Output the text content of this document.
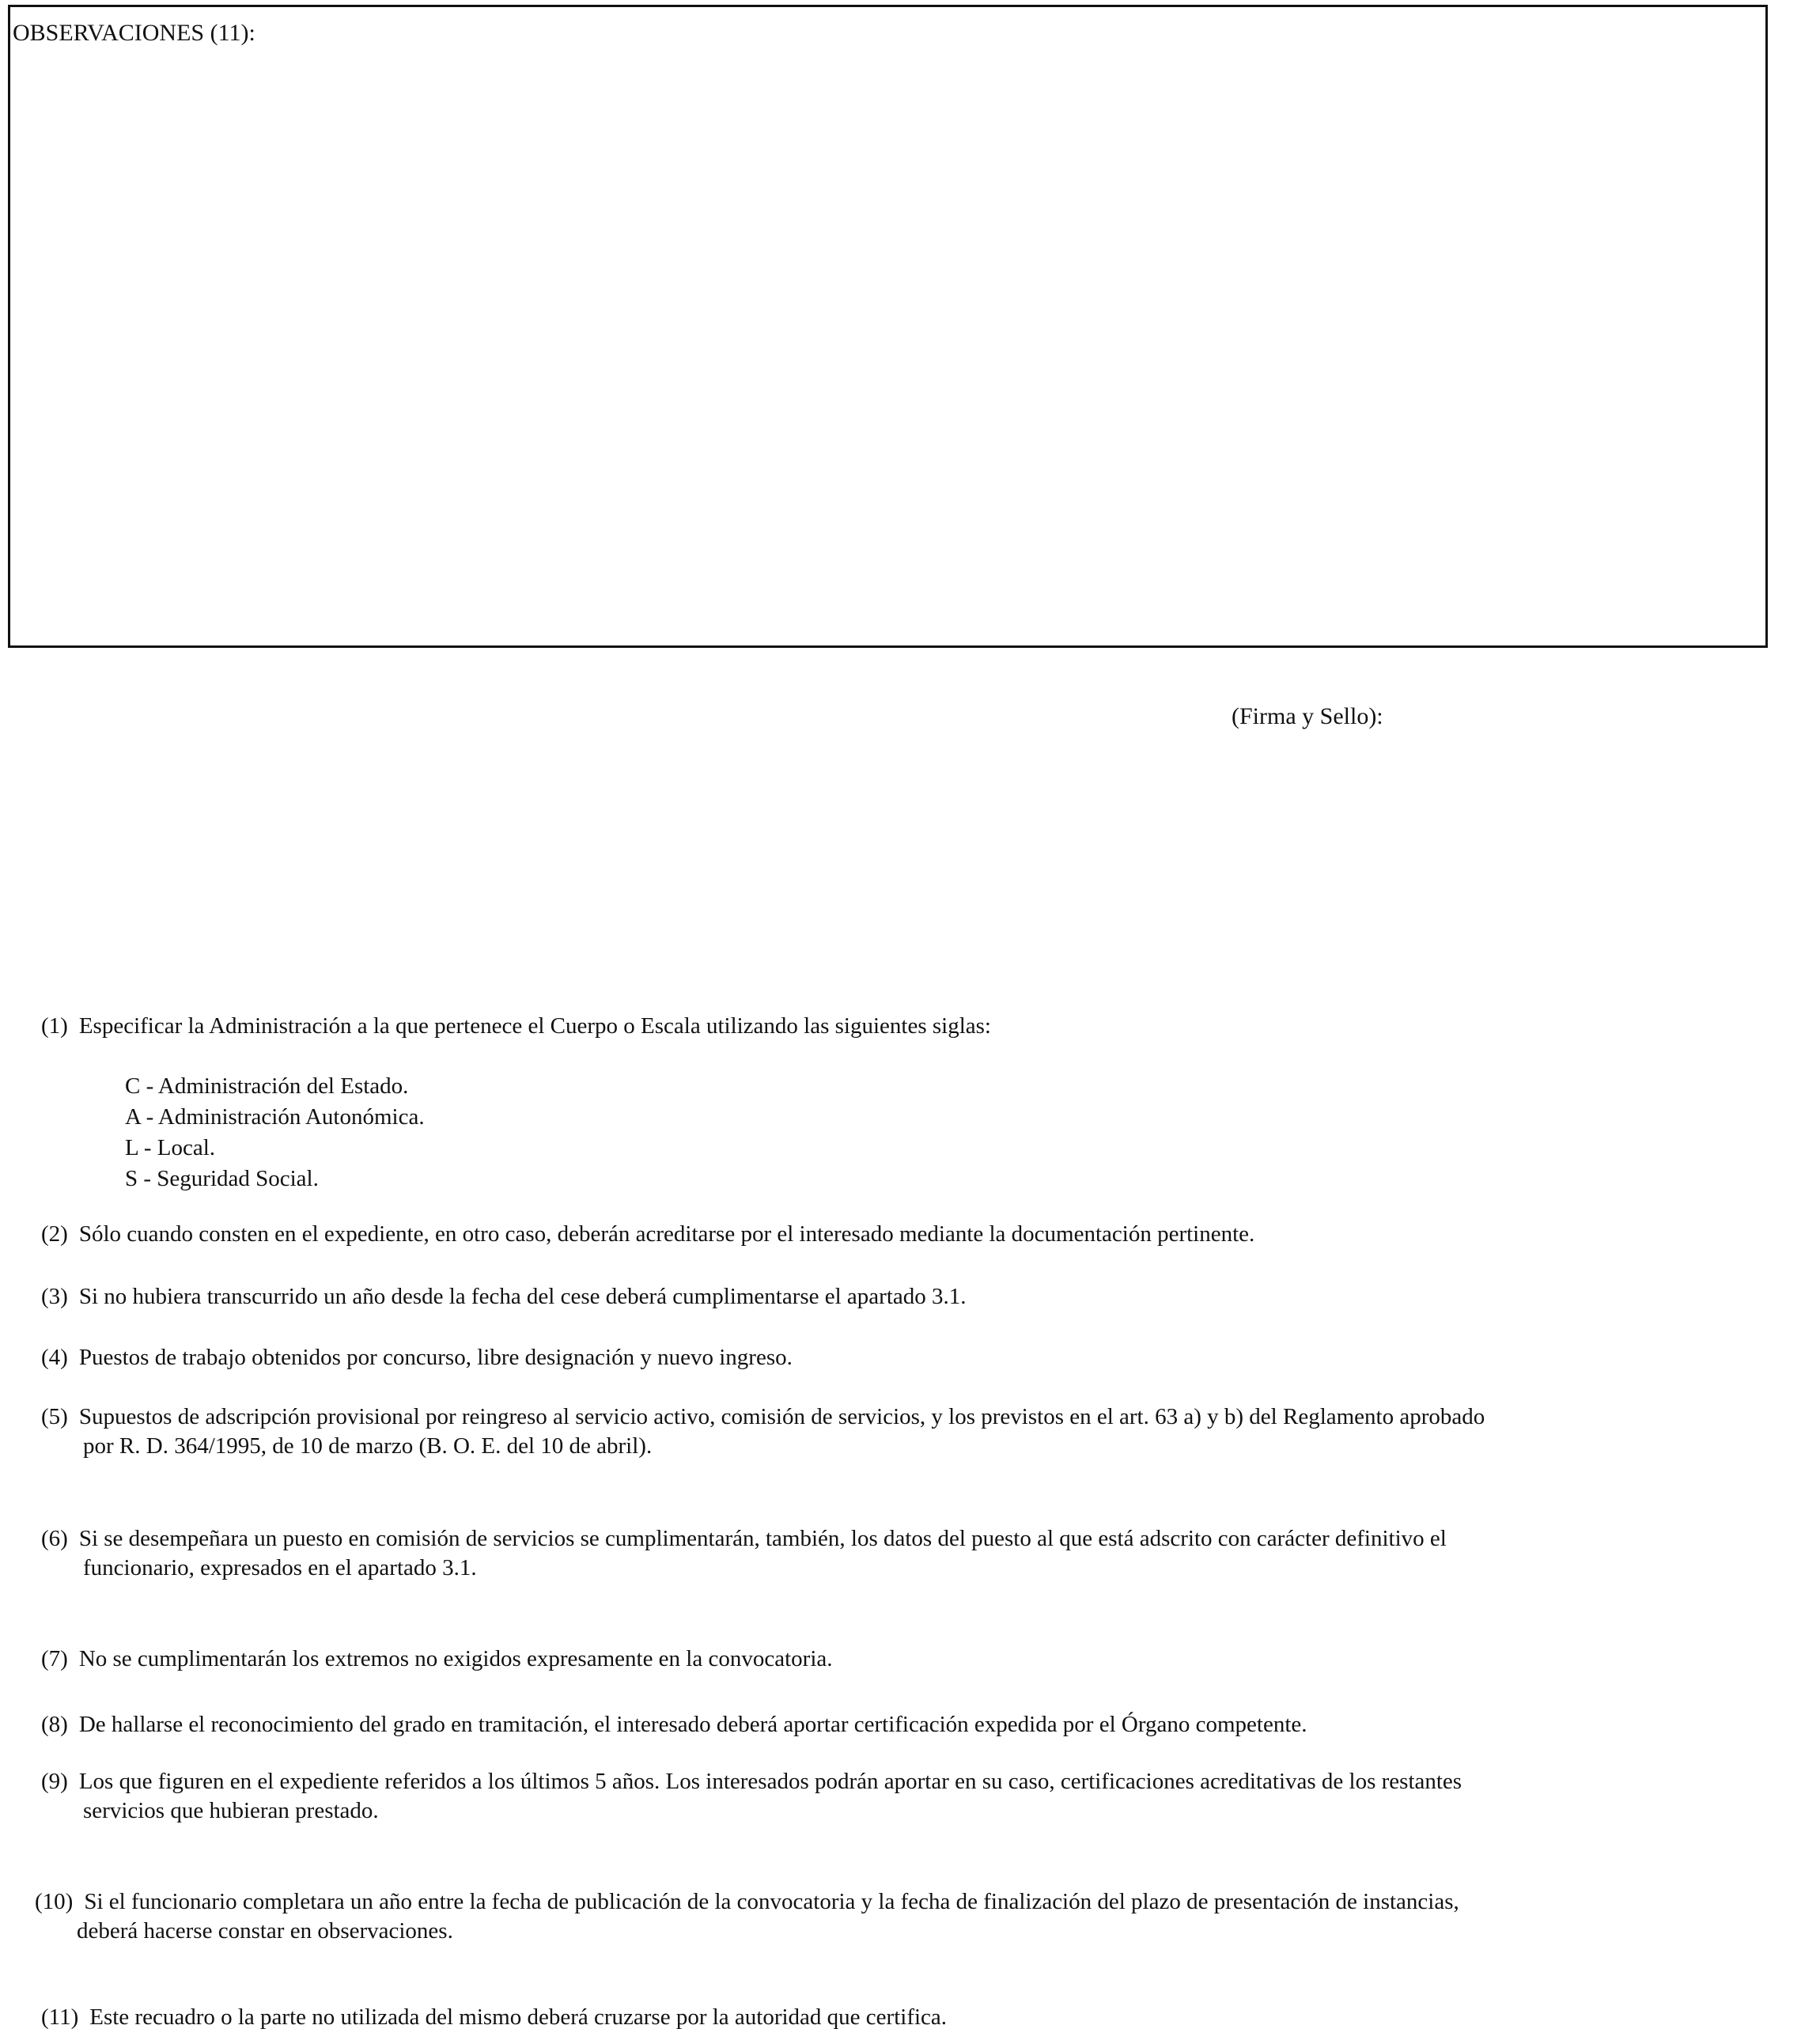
OBSERVACIONES (11):
(Firma y Sello):
(1) Especificar la Administración a la que pertenece el Cuerpo o Escala utilizando las siguientes siglas:
C - Administración del Estado.
A - Administración Autonómica.
L - Local.
S - Seguridad Social.
(2) Sólo cuando consten en el expediente, en otro caso, deberán acreditarse por el interesado mediante la documentación pertinente.
(3) Si no hubiera transcurrido un año desde la fecha del cese deberá cumplimentarse el apartado 3.1.
(4) Puestos de trabajo obtenidos por concurso, libre designación y nuevo ingreso.
(5) Supuestos de adscripción provisional por reingreso al servicio activo, comisión de servicios, y los previstos en el art. 63 a) y b) del Reglamento aprobado
por R. D. 364/1995, de 10 de marzo (B. O. E. del 10 de abril).
(6) Si se desempeñara un puesto en comisión de servicios se cumplimentarán, también, los datos del puesto al que está adscrito con carácter definitivo el
funcionario, expresados en el apartado 3.1.
(7) No se cumplimentarán los extremos no exigidos expresamente en la convocatoria.
(8) De hallarse el reconocimiento del grado en tramitación, el interesado deberá aportar certificación expedida por el Órgano competente.
(9) Los que figuren en el expediente referidos a los últimos 5 años. Los interesados podrán aportar en su caso, certificaciones acreditativas de los restantes
servicios que hubieran prestado.
(10) Si el funcionario completara un año entre la fecha de publicación de la convocatoria y la fecha de finalización del plazo de presentación de instancias,
deberá hacerse constar en observaciones.
(11) Este recuadro o la parte no utilizada del mismo deberá cruzarse por la autoridad que certifica.
